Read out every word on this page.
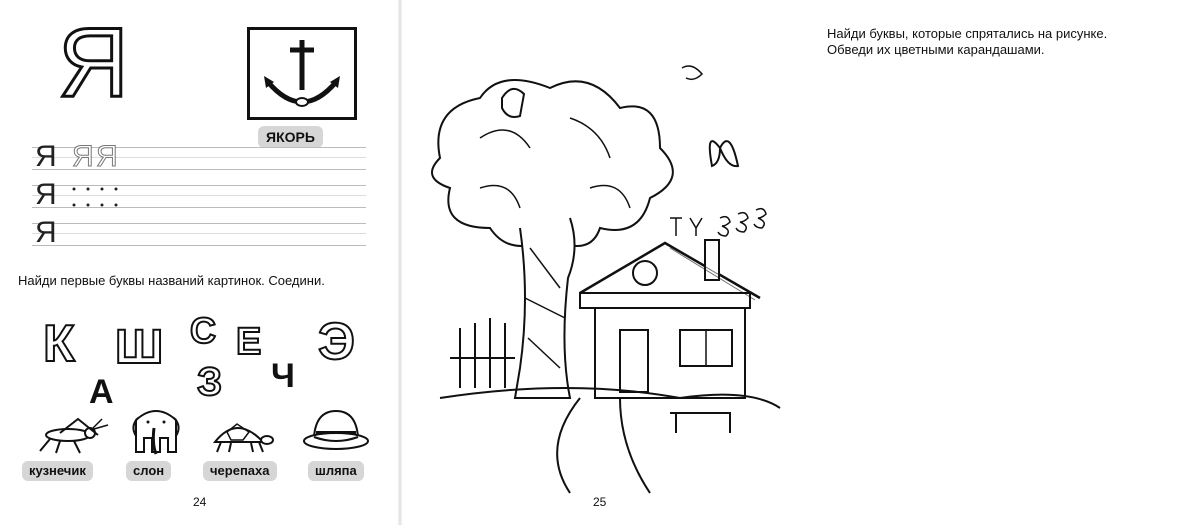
Я
ЯКОРЬ
Я Я Я
Я
Я
Найди первые буквы названий картинок. Соедини.
К
А
Ш С
З
Е
Ч
Э
кузнечик	слон	черепаха	шляпа
24
Найди буквы, которые спрятались на рисунке.
Обведи их цветными карандашами.
25
